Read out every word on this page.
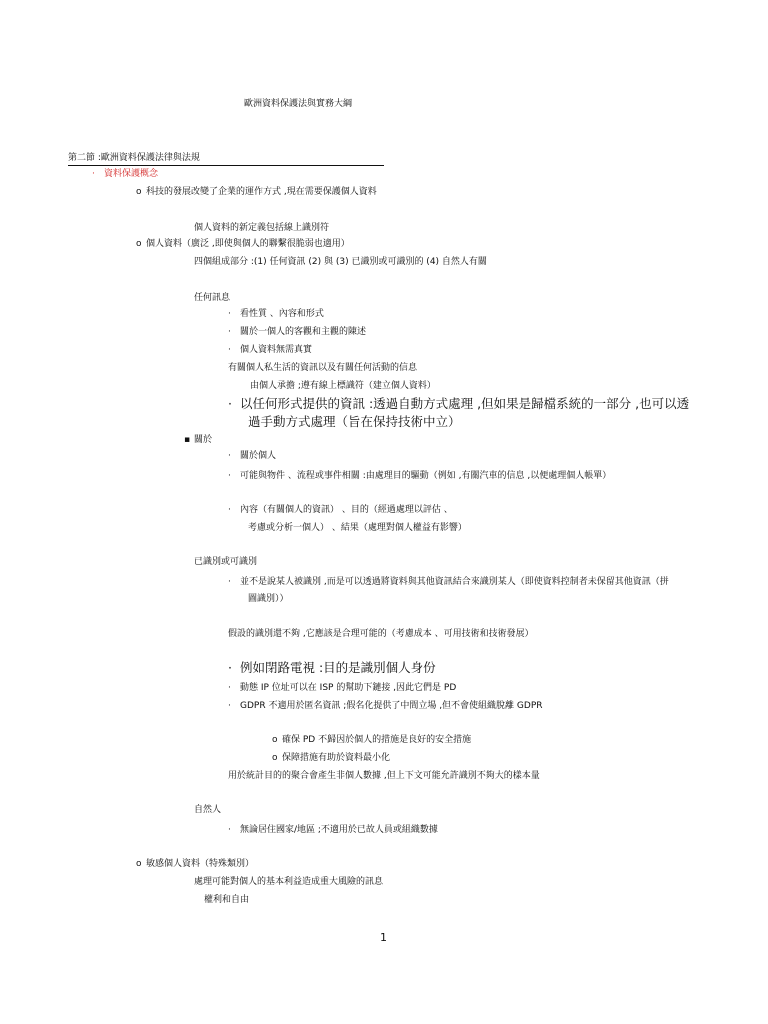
歐洲資料保護法與實務大綱
第二節 :歐洲資料保護法律與法規
· 資料保護概念
o 科技的發展改變了企業的運作方式 ,現在需要保護個人資料
個人資料的新定義包括線上識別符
o 個人資料（廣泛 ,即使與個人的聯繫很脆弱也適用）
四個組成部分 :(1) 任何資訊 (2) 與 (3) 已識別或可識別的 (4) 自然人有關
任何訊息
· 看性質 、內容和形式
· 關於一個人的客觀和主觀的陳述
· 個人資料無需真實
有關個人私生活的資訊以及有關任何活動的信息
由個人承擔 ;遵有線上標識符（建立個人資料）
· 以任何形式提供的資訊 :透過自動方式處理 ,但如果是歸檔系統的一部分 ,也可以透
過手動方式處理（旨在保持技術中立）
▪ 關於
· 關於個人
· 可能與物件 、流程或事件相關 :由處理目的驅動（例如 ,有關汽車的信息 ,以便處理個人帳單）
· 內容（有關個人的資訊） 、目的（經過處理以評估 、
考慮或分析一個人） 、結果（處理對個人權益有影響）
已識別或可識別
· 並不是說某人被識別 ,而是可以透過將資料與其他資訊結合來識別某人（即使資料控制者未保留其他資訊（拼
圖識別））
假設的識別還不夠 ,它應該是合理可能的（考慮成本 、可用技術和技術發展）
· 例如閉路電視 :目的是識別個人身份
· 動態 IP 位址可以在 ISP 的幫助下鏈接 ,因此它們是 PD
· GDPR 不適用於匿名資訊 ;假名化提供了中間立場 ,但不會使組織脫離 GDPR
o 確保 PD 不歸因於個人的措施是良好的安全措施
o 保障措施有助於資料最小化
用於統計目的的聚合會產生非個人數據 ,但上下文可能允許識別不夠大的樣本量
自然人
· 無論居住國家/地區 ;不適用於已故人員或組織數據
o 敏感個人資料（特殊類別）
處理可能對個人的基本利益造成重大風險的訊息
權利和自由
1
